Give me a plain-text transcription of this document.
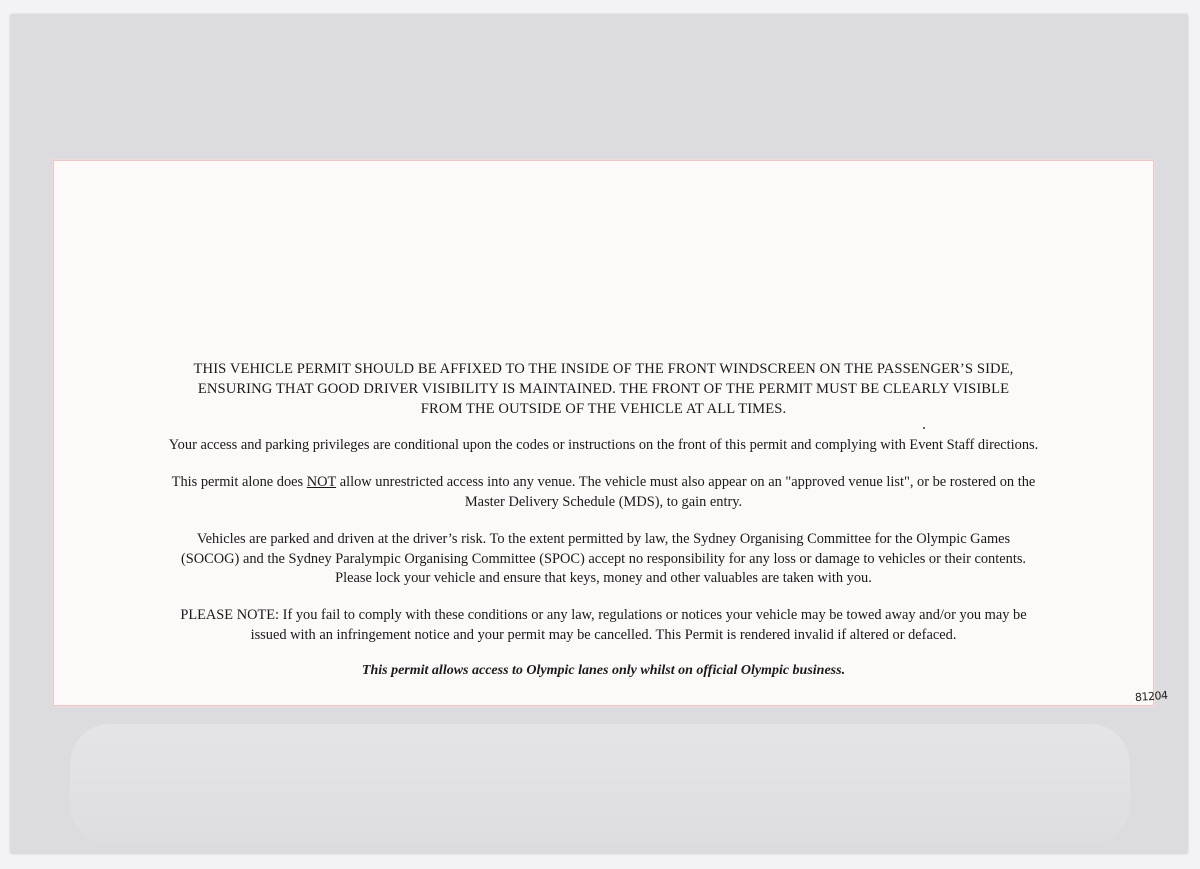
THIS VEHICLE PERMIT SHOULD BE AFFIXED TO THE INSIDE OF THE FRONT WINDSCREEN ON THE PASSENGER’S SIDE,
ENSURING THAT GOOD DRIVER VISIBILITY IS MAINTAINED. THE FRONT OF THE PERMIT MUST BE CLEARLY VISIBLE
FROM THE OUTSIDE OF THE VEHICLE AT ALL TIMES.

Your access and parking privileges are conditional upon the codes or instructions on the front of this permit and complying with Event Staff directions.

This permit alone does NOT allow unrestricted access into any venue. The vehicle must also appear on an "approved venue list", or be rostered on the
Master Delivery Schedule (MDS), to gain entry.

Vehicles are parked and driven at the driver’s risk. To the extent permitted by law, the Sydney Organising Committee for the Olympic Games
(SOCOG) and the Sydney Paralympic Organising Committee (SPOC) accept no responsibility for any loss or damage to vehicles or their contents.
Please lock your vehicle and ensure that keys, money and other valuables are taken with you.

PLEASE NOTE: If you fail to comply with these conditions or any law, regulations or notices your vehicle may be towed away and/or you may be
issued with an infringement notice and your permit may be cancelled. This Permit is rendered invalid if altered or defaced.

This permit allows access to Olympic lanes only whilst on official Olympic business.

81204
